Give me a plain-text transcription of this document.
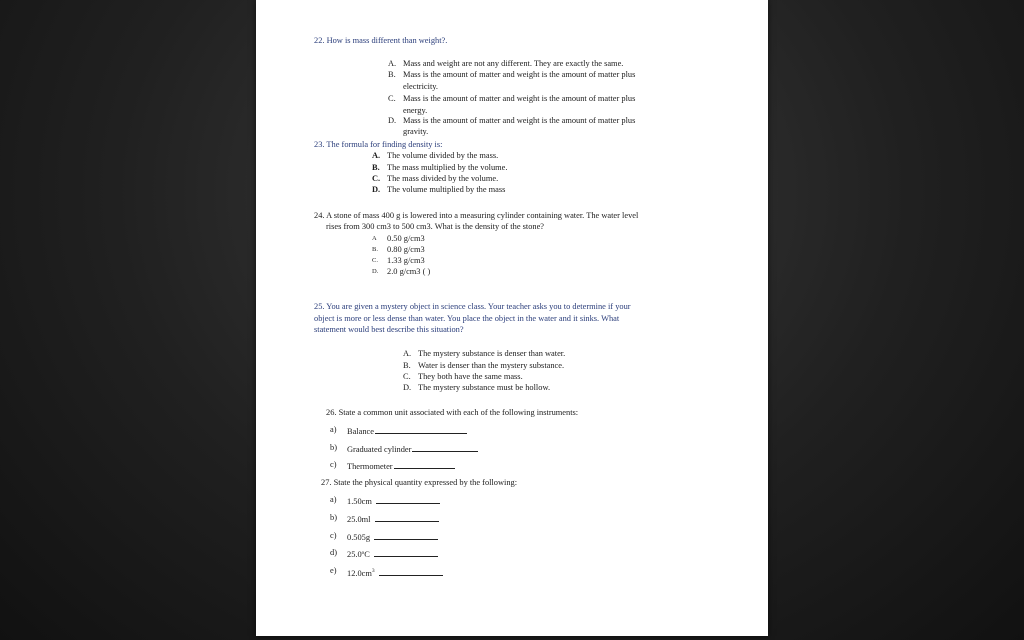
22. How is mass different than weight?.
A. Mass and weight are not any different. They are exactly the same.
B. Mass is the amount of matter and weight is the amount of matter plus
electricity.
C. Mass is the amount of matter and weight is the amount of matter plus
energy.
D. Mass is the amount of matter and weight is the amount of matter plus
gravity.
23. The formula for finding density is:
A. The volume divided by the mass.
B. The mass multiplied by the volume.
C. The mass divided by the volume.
D. The volume multiplied by the mass
24. A stone of mass 400 g is lowered into a measuring cylinder containing water. The water level
rises from 300 cm3 to 500 cm3. What is the density of the stone?
A 0.50 g/cm3
B. 0.80 g/cm3
C. 1.33 g/cm3
D. 2.0 g/cm3 ( )
25. You are given a mystery object in science class. Your teacher asks you to determine if your
object is more or less dense than water. You place the object in the water and it sinks. What
statement would best describe this situation?
A. The mystery substance is denser than water.
B. Water is denser than the mystery substance.
C. They both have the same mass.
D. The mystery substance must be hollow.
26. State a common unit associated with each of the following instruments:
a) Balance
b) Graduated cylinder
c) Thermometer
27. State the physical quantity expressed by the following:
a) 1.50cm
b) 25.0ml
c) 0.505g
d) 25.0ºC
e) $12.0cm^3$
